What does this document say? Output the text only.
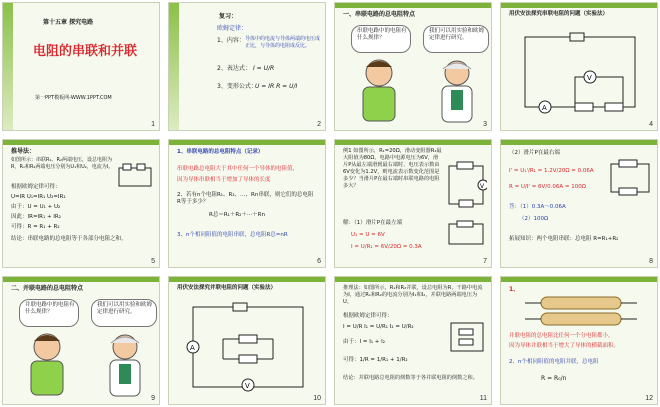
第十五章 探究电路
电阻的串联和并联
第一PPT模板网-WWW.1PPT.COM
1
复习：
欧姆定律：
1、内容： 导体中的电流与导体两端的电压成正比，与导体的电阻成反比。
2、表达式： I = U/R
3、变形公式：
U = IR R = U/I
2
一、串联电路的总电阻特点
串联电路中的电阻有什么规律？
我们可以用实验和欧姆定律进行研究。
3
用伏安法探究串联电阻的问题（实验法）
A
V
4
推导法：
如图所示：串联R₁、R₂两端电压，设总电阻为R，R₁和R₂两端电压分别为U₁和U₂，电流为I。
根据欧姆定律可得：
U=IR U₁=IR₁ U₂=IR₂
由于：U = U₁ + U₂
因此：IR=IR₁ + IR₂
可得：R = R₁ + R₂
结论：串联电路的总电阻等于各部分电阻之和。
5
1、串联电路的总电阻特点（记录）
串联电路总电阻大于其中任何一个导体的电阻值，
因为导体串联相当于增加了导体的长度
2、若有n个电阻R₁、R₂、…、Rn串联，则它们的总电阻R等于多少？
R总＝R₁＋R₂＋···＋Rn
3、n个相同阻值的电阻串联，总电阻R总=nR
6
例1 如图所示，R₁=20Ω，滑动变阻器R₂最大阻值为80Ω，电路中电源电压为6V，滑片P从最左端滑到最右端时，电压表示数由6V变化为1.2V，则电流表示数变化范围是多少？当滑片P在最右端时串联电路的电阻多大？	V
解：（1）滑片P在最左端
U₁ = U = 6V
I = U/R₁ = 6V/20Ω = 0.3A
7
（2）滑片P在最右端
I' = U₁'/R₁ = 1.2V/20Ω = 0.06A
R = U/I' = 6V/0.06A = 100Ω
答：（1）0.3A～0.06A
（2）100Ω
拓展知识：两个电阻串联：总电阻 R=R₁+R₂
8
二、并联电路的总电阻特点
并联电路中的电阻有什么规律？
我们可以用实验和欧姆定律进行研究。
9
用伏安法探究并联电阻的问题（实验法）
A
V
10
推理法：如图所示，R₁和R₂并联，设总电阻为R，干路中电流为I，通过R₁和R₂的电流分别为I₁和I₂，并联电路两端电压为U。
根据欧姆定律可得：
I = U/R I₁ = U/R₁ I₂ = U/R₂
由于：I = I₁ + I₂
可得：1/R = 1/R₁ + 1/R₂
结论：并联电路总电阻的倒数等于各并联电阻的倒数之和。
11
1、
并联电阻的总电阻比任何一个分电阻都小。
因为导体并联相当于增大了导体的横截面积。
2、n个相同阻值的电阻并联，总电阻
R = R₀/n
12
